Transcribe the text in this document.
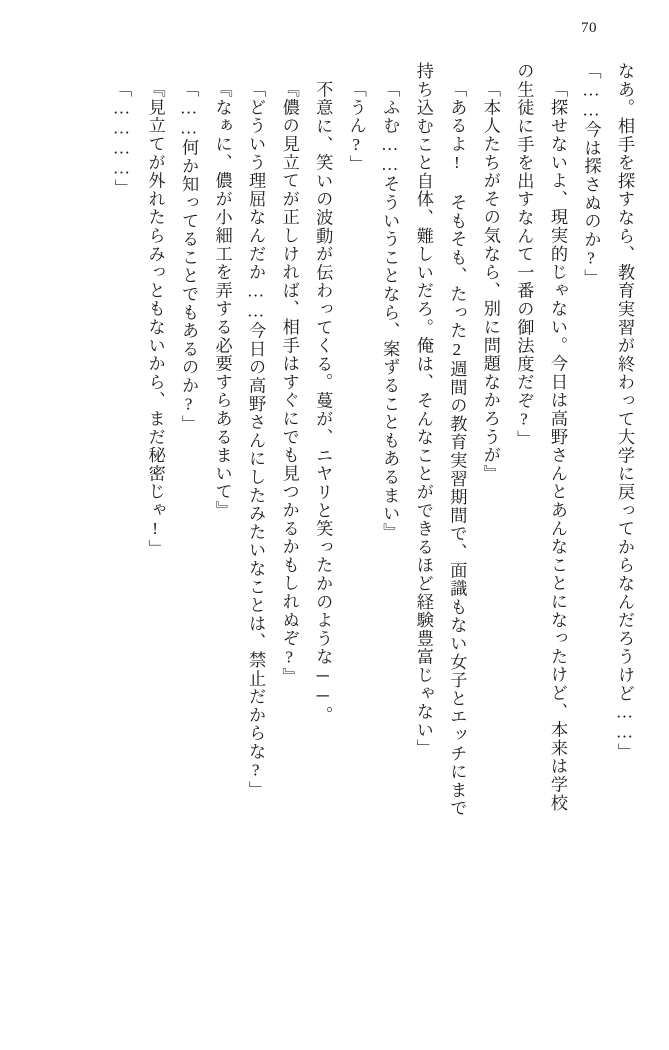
70

なあ。相手を探すなら、教育実習が終わって大学に戻ってからなんだろうけど……」

「……今は探さぬのか?」

「探せないよ、現実的じゃない。今日は高野さんとあんなことになったけど、本来は学校

の生徒に手を出すなんて一番の御法度だぞ?」

「本人たちがその気なら、別に問題なかろうが』

「あるよ! そもそも、たった2週間の教育実習期間で、面識もない女子とエッチにまで

持ち込むこと自体、難しいだろ。俺は、そんなことができるほど経験豊富じゃない」

「ふむ……そういうことなら、案ずることもあるまい』

「うん?」

　不意に、笑いの波動が伝わってくる。蔓が、ニヤリと笑ったかのような──。

『儂の見立てが正しければ、相手はすぐにでも見つかるかもしれぬぞ?』

「どういう理屈なんだか……今日の高野さんにしたみたいなことは、禁止だからな?」

『なぁに、儂が小細工を弄する必要すらあるまいて』

「……何か知ってることでもあるのか?」

『見立てが外れたらみっともないから、まだ秘密じゃ!」

「…………」
